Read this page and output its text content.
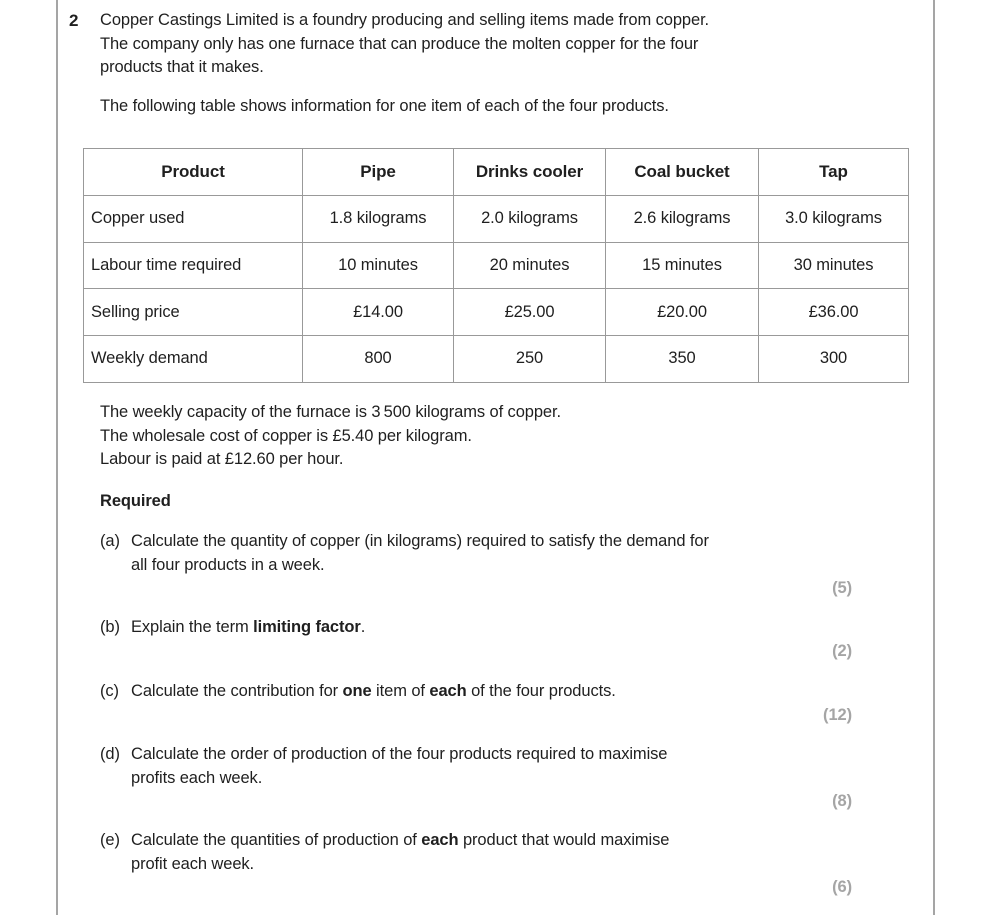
2 Copper Castings Limited is a foundry producing and selling items made from copper.
The company only has one furnace that can produce the molten copper for the four
products that it makes.
The following table shows information for one item of each of the four products.
Product	Pipe	Drinks cooler	Coal bucket	Tap
Copper used	1.8 kilograms	2.0 kilograms	2.6 kilograms	3.0 kilograms
Labour time required	10 minutes	20 minutes	15 minutes	30 minutes
Selling price	£14.00	£25.00	£20.00	£36.00
Weekly demand	800	250	350	300
The weekly capacity of the furnace is 3 500 kilograms of copper.
The wholesale cost of copper is £5.40 per kilogram.
Labour is paid at £12.60 per hour.
Required
(a) Calculate the quantity of copper (in kilograms) required to satisfy the demand for
all four products in a week.
(5)
(b) Explain the term limiting factor.
(2)
(c) Calculate the contribution for one item of each of the four products.
(12)
(d) Calculate the order of production of the four products required to maximise
profits each week.
(8)
(e) Calculate the quantities of production of each product that would maximise
profit each week.
(6)
